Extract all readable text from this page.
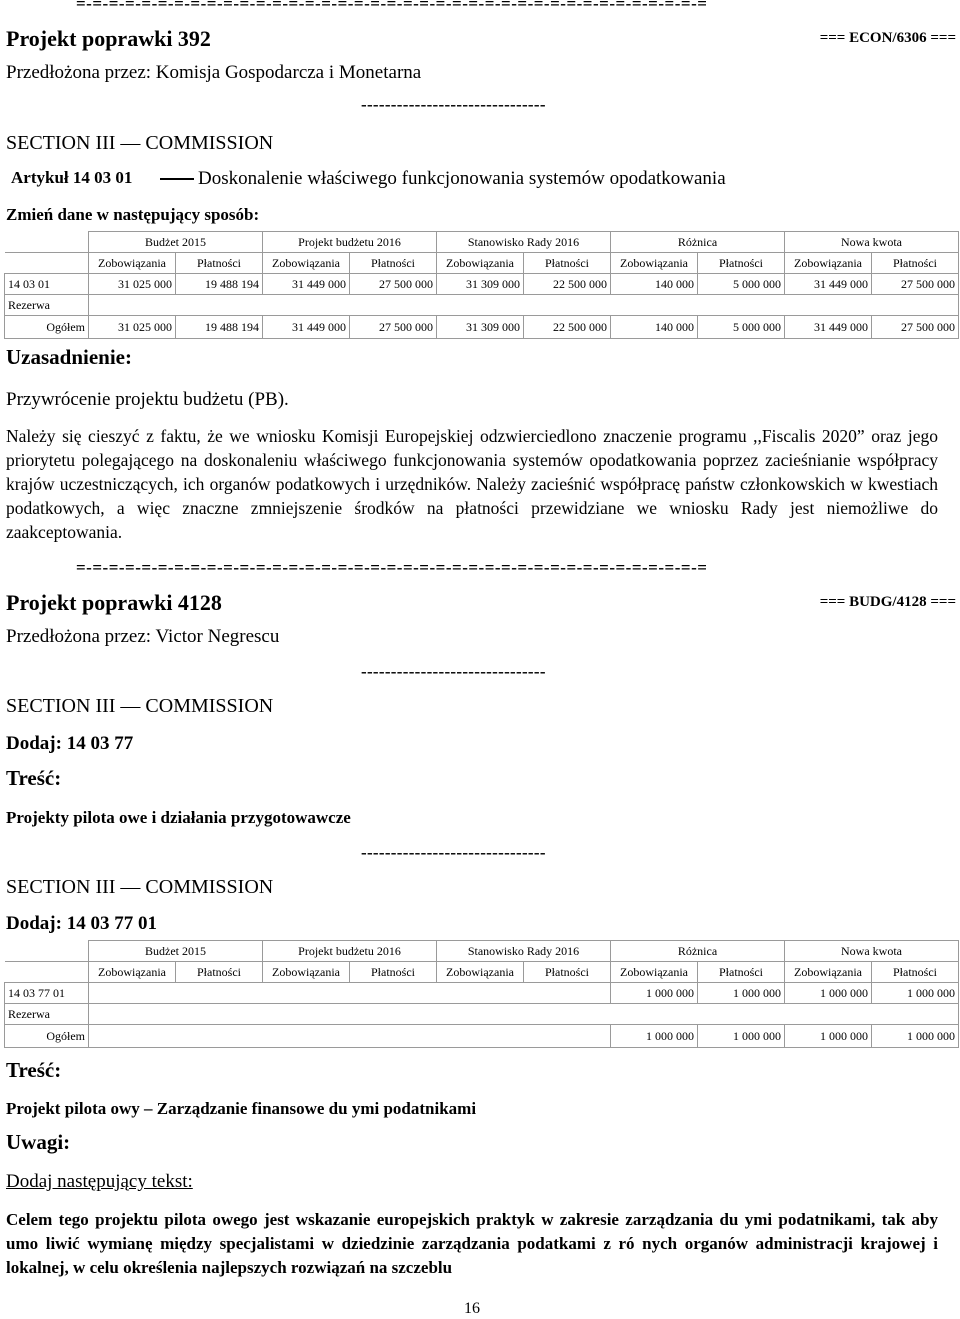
=-=-=-=-=-=-=-=-=-=-=-=-=-=-=-=-=-=-=-=-=-=-=-=-=-=-=-=-=-=-=-=-=-=-=-=-=-=-=
Projekt poprawki 392	=== ECON/6306 ===
Przedłożona przez: Komisja Gospodarcza i Monetarna
-------------------------------
SECTION III — COMMISSION
Artykuł 14 03 01	Doskonalenie właściwego funkcjonowania systemów opodatkowania
Zmień dane w następujący sposób:
	Budżet 2015		Projekt budżetu 2016		Stanowisko Rady 2016		Różnica		Nowa kwota	
	Zobowiązania	Płatności	Zobowiązania	Płatności	Zobowiązania	Płatności	Zobowiązania	Płatności	Zobowiązania	Płatności
14 03 01	31 025 000	19 488 194	31 449 000	27 500 000	31 309 000	22 500 000	140 000	5 000 000	31 449 000	27 500 000
Rezerwa										
Ogółem	31 025 000	19 488 194	31 449 000	27 500 000	31 309 000	22 500 000	140 000	5 000 000	31 449 000	27 500 000
Uzasadnienie:
Przywrócenie projektu budżetu (PB).
Należy się cieszyć z faktu, że we wniosku Komisji Europejskiej odzwierciedlono znaczenie programu ,,Fiscalis 2020” oraz jego priorytetu polegającego na doskonaleniu właściwego funkcjonowania systemów opodatkowania poprzez zacieśnianie współpracy krajów uczestniczących, ich organów podatkowych i urzędników. Należy zacieśnić współpracę państw członkowskich w kwestiach podatkowych, a więc znaczne zmniejszenie środków na płatności przewidziane we wniosku Rady jest niemożliwe do zaakceptowania.
=-=-=-=-=-=-=-=-=-=-=-=-=-=-=-=-=-=-=-=-=-=-=-=-=-=-=-=-=-=-=-=-=-=-=-=-=-=-=
Projekt poprawki 4128	=== BUDG/4128 ===
Przedłożona przez: Victor Negrescu
-------------------------------
SECTION III — COMMISSION
Dodaj: 14 03 77
Treść:
Projekty pilota owe i działania przygotowawcze
-------------------------------
SECTION III — COMMISSION
Dodaj: 14 03 77 01
	Budżet 2015		Projekt budżetu 2016		Stanowisko Rady 2016		Różnica		Nowa kwota	
	Zobowiązania	Płatności	Zobowiązania	Płatności	Zobowiązania	Płatności	Zobowiązania	Płatności	Zobowiązania	Płatności
14 03 77 01							1 000 000	1 000 000	1 000 000	1 000 000
Rezerwa										
Ogółem							1 000 000	1 000 000	1 000 000	1 000 000
Treść:
Projekt pilota owy – Zarządzanie finansowe du ymi podatnikami
Uwagi:
Dodaj następujący tekst:
Celem tego projektu pilota owego jest wskazanie europejskich praktyk w zakresie zarządzania du ymi podatnikami, tak aby umo liwić wymianę między specjalistami w dziedzinie zarządzania podatkami z ró nych organów administracji krajowej i lokalnej, w celu określenia najlepszych rozwiązań na szczeblu
16
